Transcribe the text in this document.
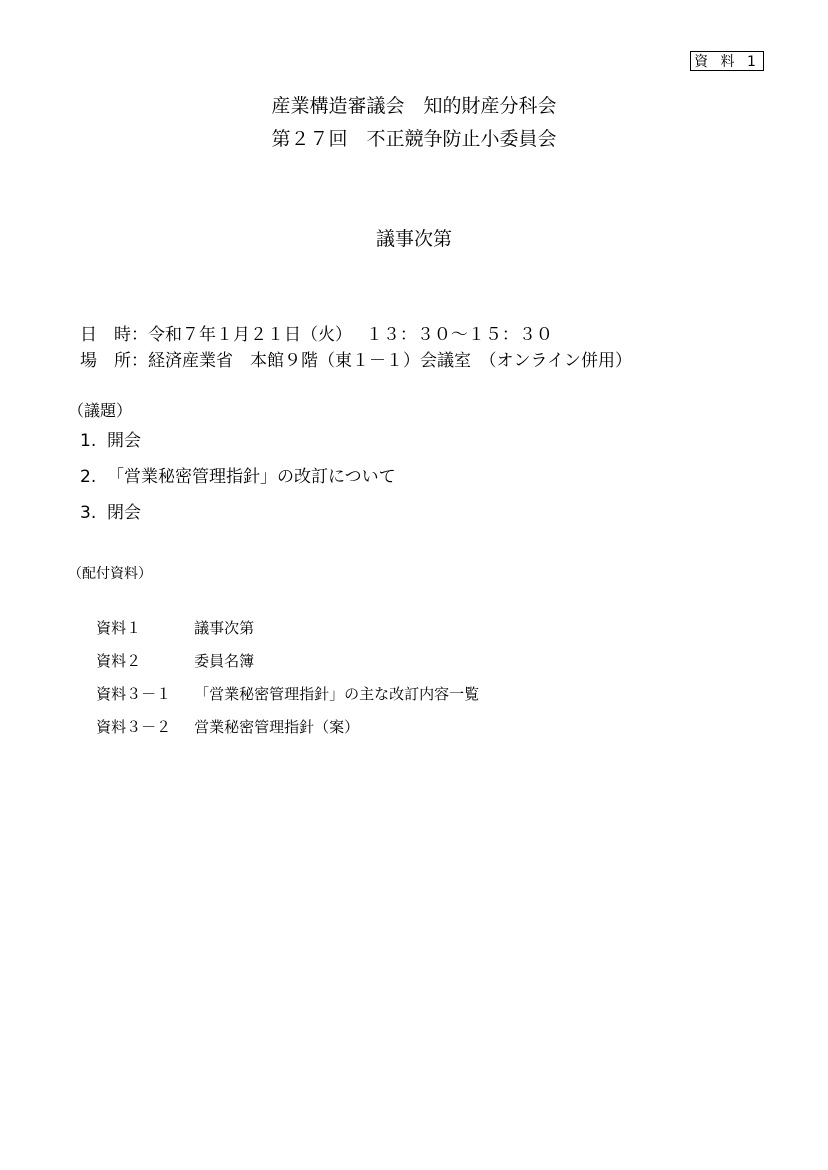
資 料 1
産業構造審議会　知的財産分科会
第２７回　不正競争防止小委員会
議事次第
日　時：令和７年１月２１日（火）　 １３：３０～１５：３０
場　所：経済産業省　本館９階（東１－１）会議室　（オンライン併用）
（議題）
1.  開会
2.  「営業秘密管理指針」の改訂について
3.  閉会
（配付資料）

資料１	議事次第

資料２	委員名簿

資料３－１ 「営業秘密管理指針」の主な改訂内容一覧

資料３－２ 営業秘密管理指針（案）
